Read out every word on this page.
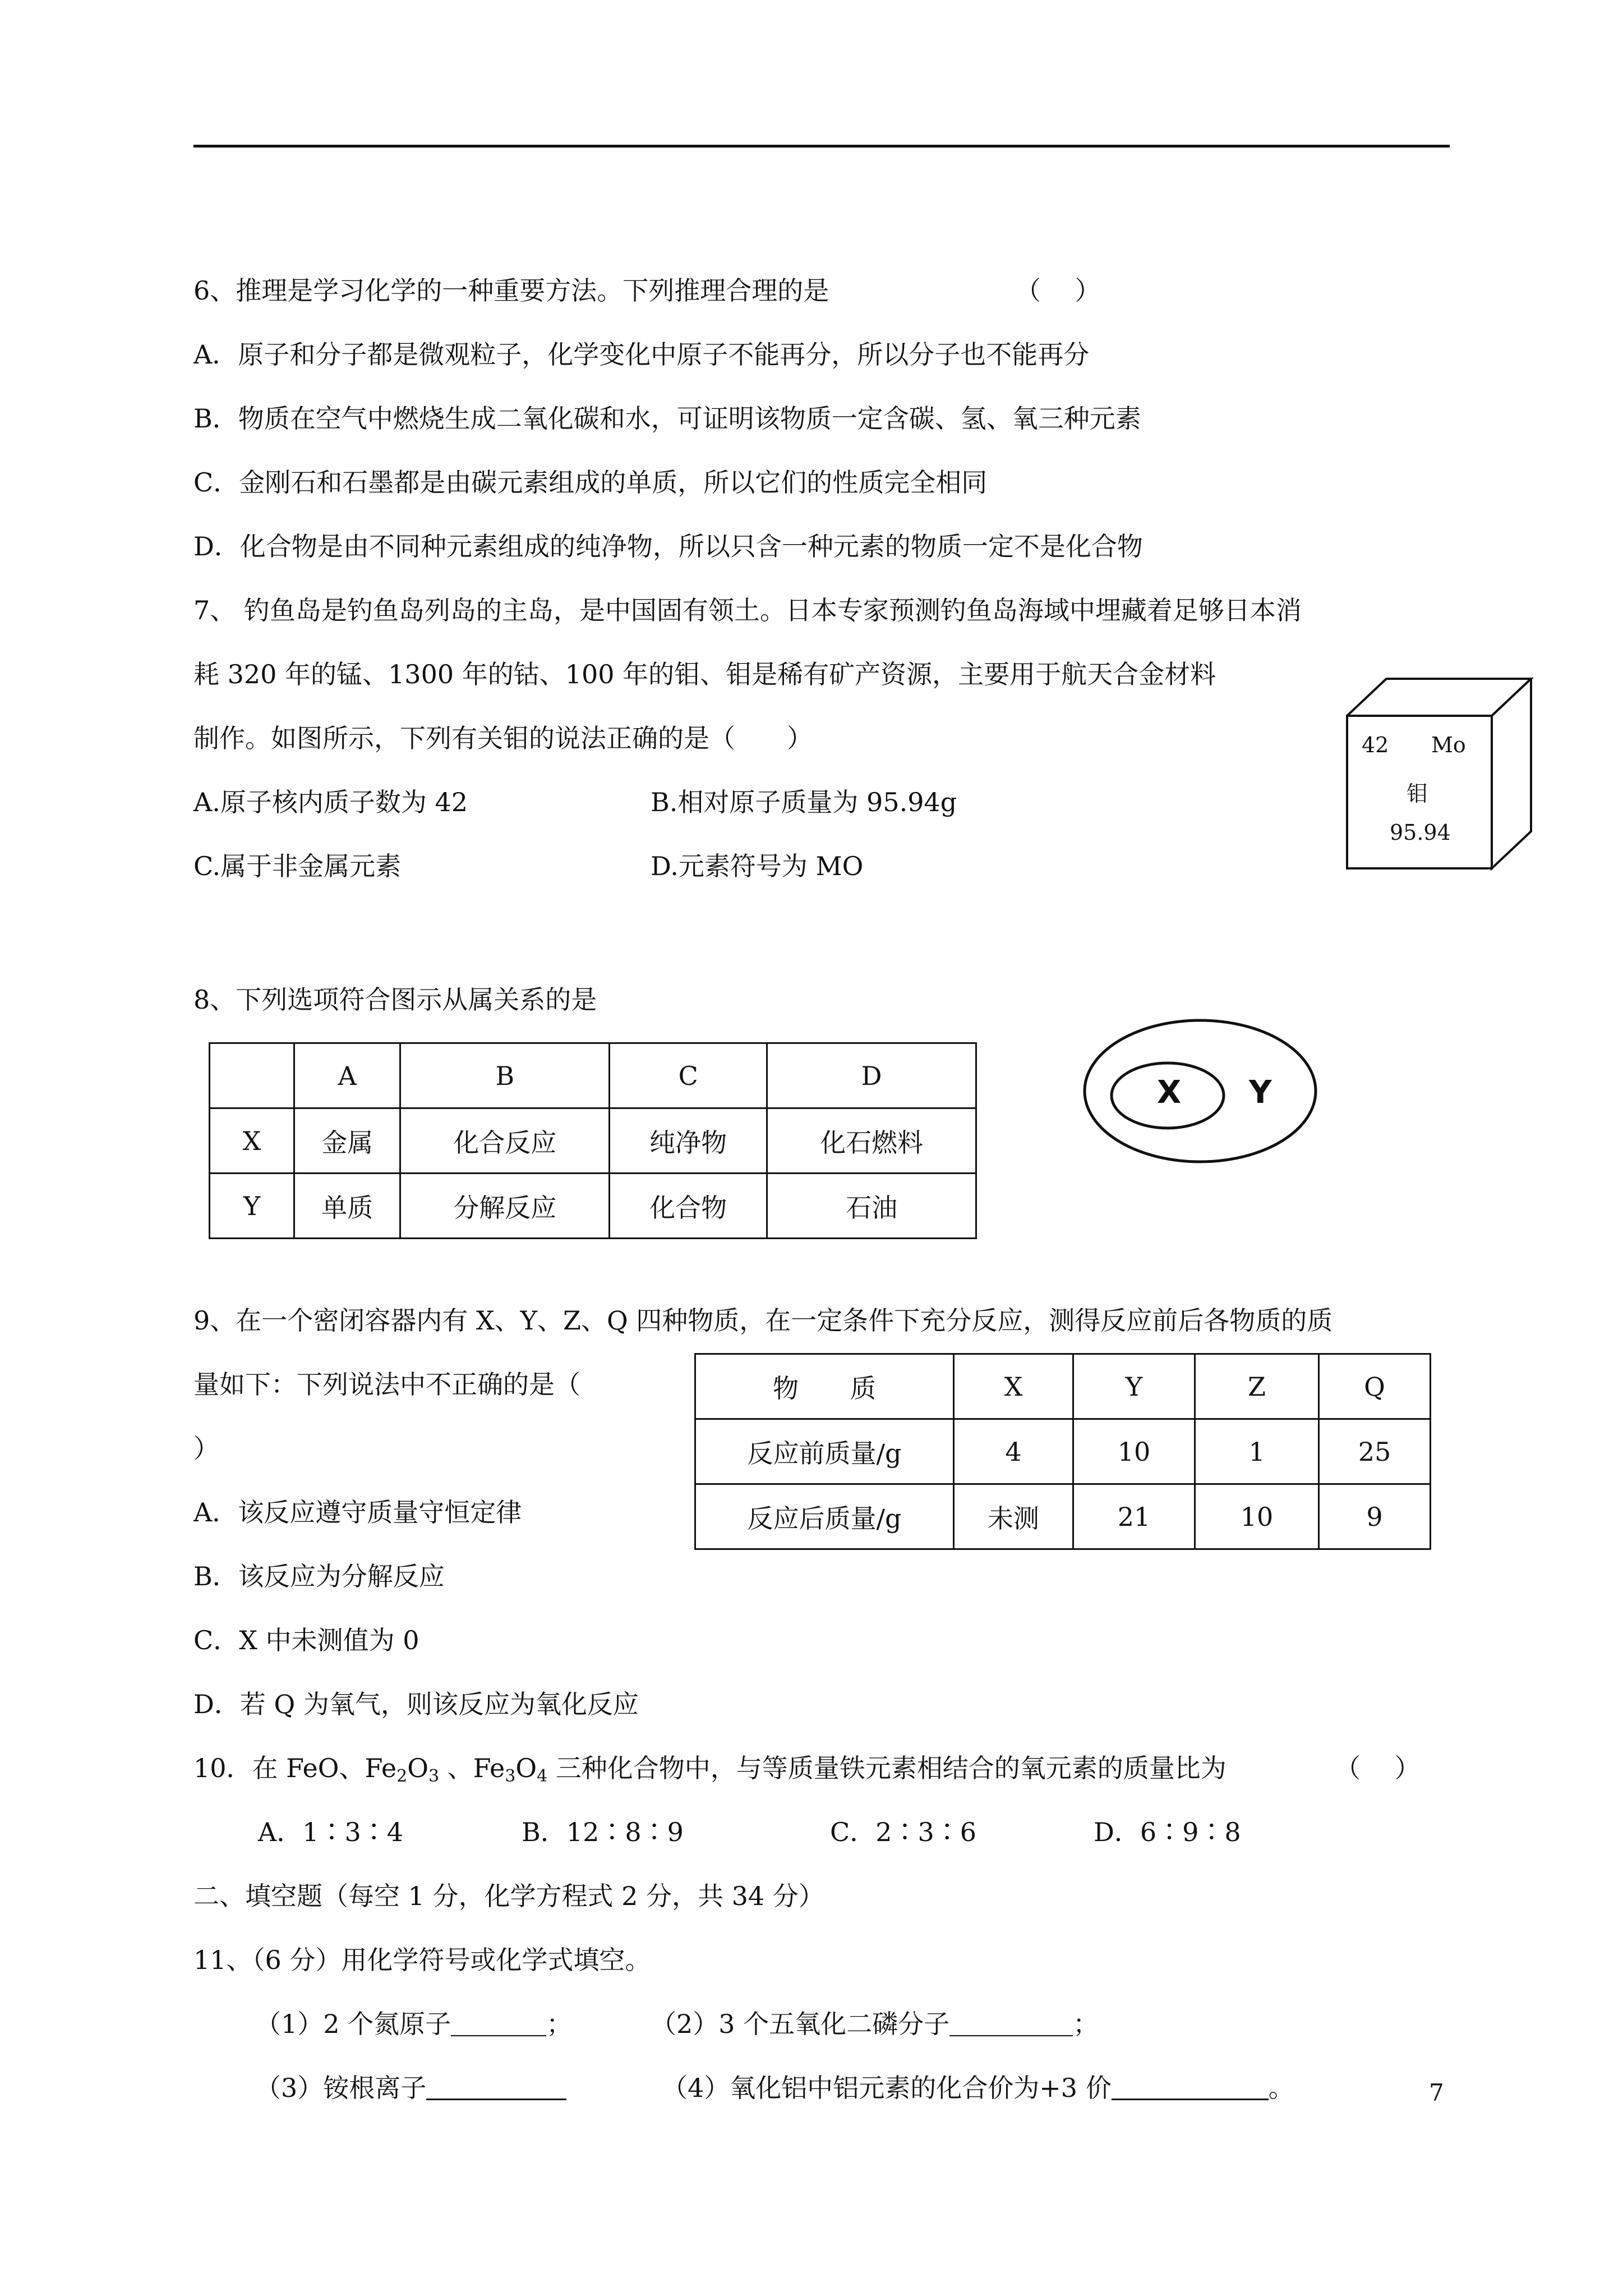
6、推理是学习化学的一种重要方法。下列推理合理的是	（　 ）
A．原子和分子都是微观粒子，化学变化中原子不能再分，所以分子也不能再分
B．物质在空气中燃烧生成二氧化碳和水，可证明该物质一定含碳、氢、氧三种元素
C．金刚石和石墨都是由碳元素组成的单质，所以它们的性质完全相同
D．化合物是由不同种元素组成的纯净物，所以只含一种元素的物质一定不是化合物
7、 钓鱼岛是钓鱼岛列岛的主岛，是中国固有领土。日本专家预测钓鱼岛海域中埋藏着足够日本消
耗 320 年的锰、1300 年的钴、100 年的钼、钼是稀有矿产资源，主要用于航天合金材料
制作。如图所示，下列有关钼的说法正确的是（　　）
A.原子核内质子数为 42	B.相对原子质量为 95.94g
C.属于非金属元素	D.元素符号为 MO
42 Mo
钼
95.94
8、下列选项符合图示从属关系的是
	A	B	C	D
X	金属	化合反应	纯净物	化石燃料
Y	单质	分解反应	化合物	石油
X Y
9、在一个密闭容器内有 X、Y、Z、Q 四种物质，在一定条件下充分反应，测得反应前后各物质的质
量如下：下列说法中不正确的是（
）
A．该反应遵守质量守恒定律
B．该反应为分解反应
C．X 中未测值为 0
D．若 Q 为氧气，则该反应为氧化反应
物　　质	X	Y	Z	Q
反应前质量/g	4	10	1	25
反应后质量/g	未测	21	10	9
10．在 FeO、$Fe_2O_3$ 、$Fe_3O_4$ 三种化合物中，与等质量铁元素相结合的氧元素的质量比为	（　 ）
A．1∶3∶4	B．12∶8∶9	C．2∶3∶6	D．6∶9∶8
二、填空题（每空 1 分，化学方程式 2 分，共 34 分）
11、（6 分）用化学符号或化学式填空。
（1）2 个氮原子	；	（2）3 个五氧化二磷分子	；
（3）铵根离子	（4）氧化铝中铝元素的化合价为+3 价	。	7
